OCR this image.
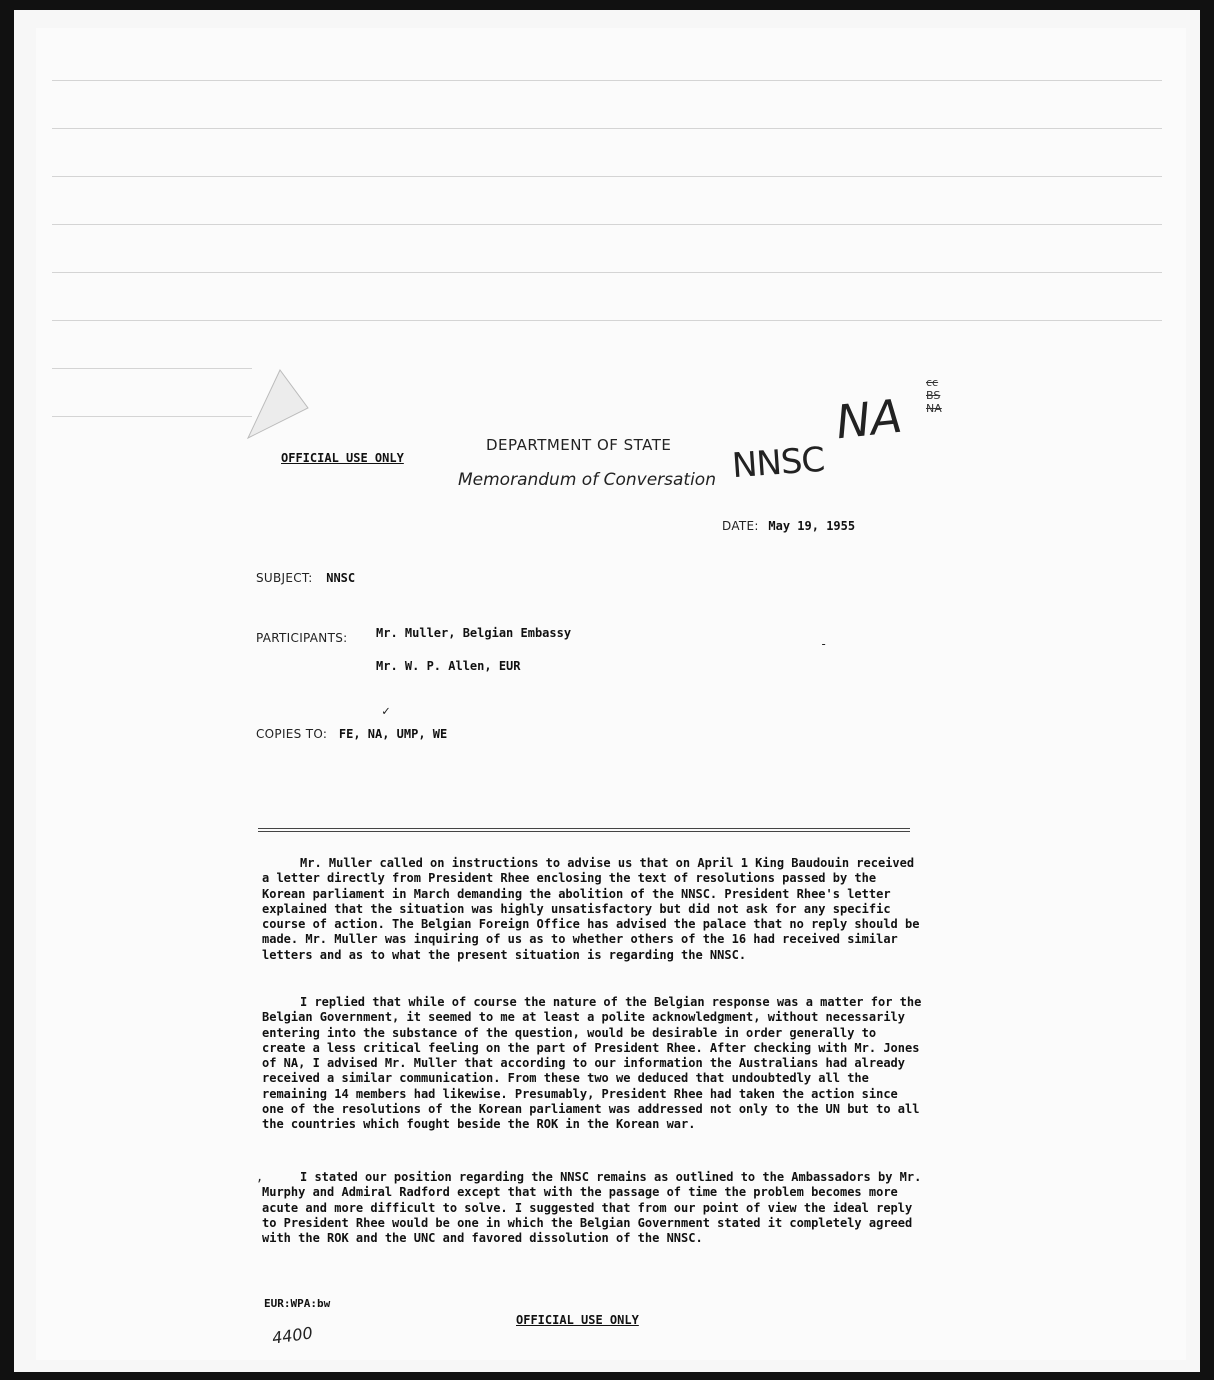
OFFICIAL USE ONLY
DEPARTMENT OF STATE
Memorandum of Conversation NNSC
NA
cc
BS
NA
DATE: May 19, 1955
SUBJECT: NNSC
PARTICIPANTS: Mr. Muller, Belgian Embassy
Mr. W. P. Allen, EUR
-
✓
COPIES TO: FE, NA, UMP, WE

Mr. Muller called on instructions to advise us that on April 1 King Baudouin received a letter directly from President Rhee enclosing the text of resolutions passed by the Korean parliament in March demanding the abolition of the NNSC. President Rhee's letter explained that the situation was highly unsatisfactory but did not ask for any specific course of action. The Belgian Foreign Office has advised the palace that no reply should be made. Mr. Muller was inquiring of us as to whether others of the 16 had received similar letters and as to what the present situation is regarding the NNSC.

I replied that while of course the nature of the Belgian response was a matter for the Belgian Government, it seemed to me at least a polite acknowledgment, without necessarily entering into the substance of the question, would be desirable in order generally to create a less critical feeling on the part of President Rhee. After checking with Mr. Jones of NA, I advised Mr. Muller that according to our information the Australians had already received a similar communication. From these two we deduced that undoubtedly all the remaining 14 members had likewise. Presumably, President Rhee had taken the action since one of the resolutions of the Korean parliament was addressed not only to the UN but to all the countries which fought beside the ROK in the Korean war.

,	I stated our position regarding the NNSC remains as outlined to the Ambassadors by Mr. Murphy and Admiral Radford except that with the passage of time the problem becomes more acute and more difficult to solve. I suggested that from our point of view the ideal reply to President Rhee would be one in which the Belgian Government stated it completely agreed with the ROK and the UNC and favored dissolution of the NNSC.

EUR:WPA:bw
OFFICIAL USE ONLY
4400
